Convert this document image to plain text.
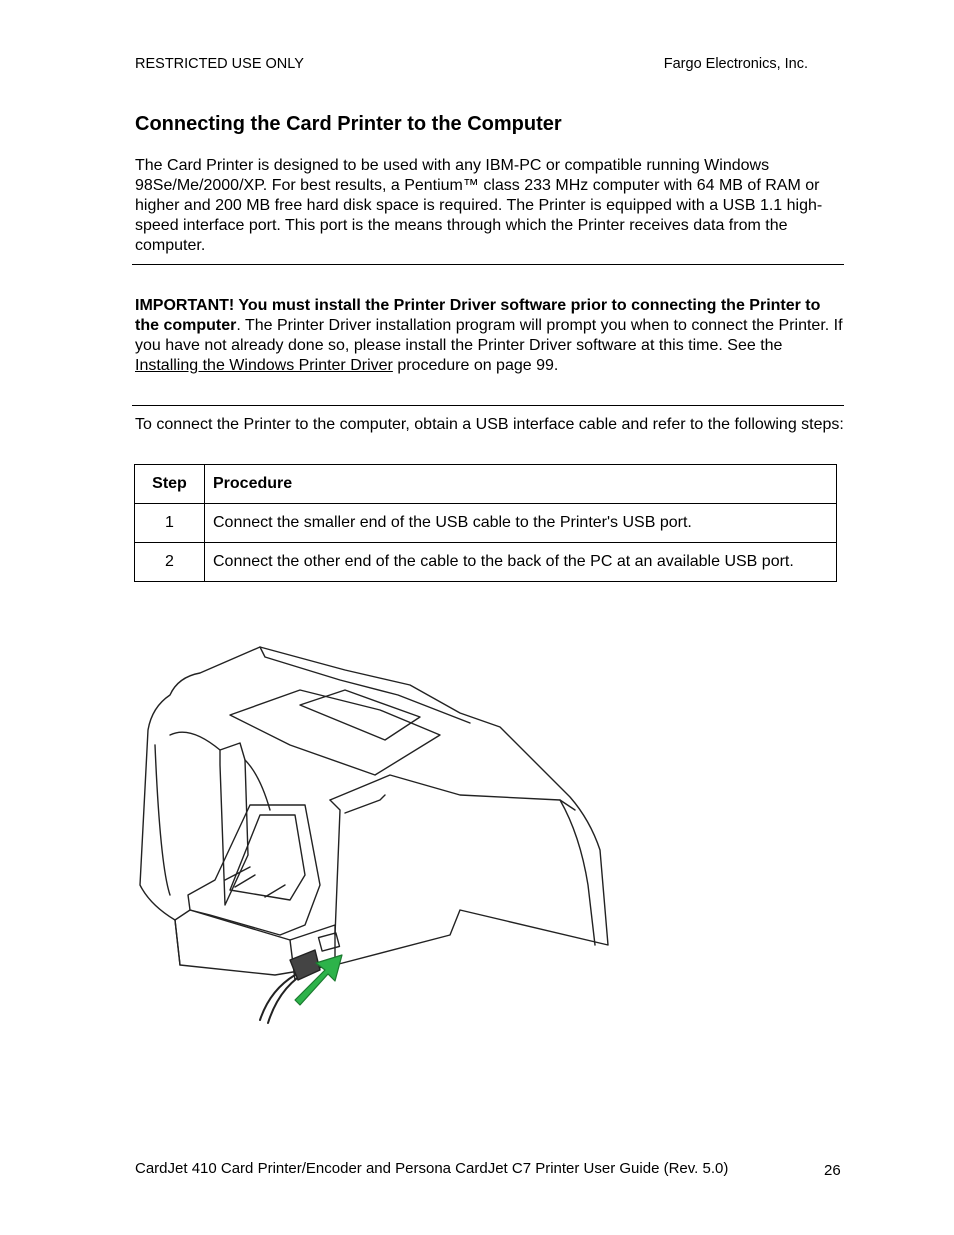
RESTRICTED USE ONLY	Fargo Electronics, Inc.
Connecting the Card Printer to the Computer
The Card Printer is designed to be used with any IBM-PC or compatible running Windows 98Se/Me/2000/XP. For best results, a Pentium™ class 233 MHz computer with 64 MB of RAM or higher and 200 MB free hard disk space is required. The Printer is equipped with a USB 1.1 high-speed interface port. This port is the means through which the Printer receives data from the computer.
IMPORTANT! You must install the Printer Driver software prior to connecting the Printer to the computer. The Printer Driver installation program will prompt you when to connect the Printer. If you have not already done so, please install the Printer Driver software at this time. See the Installing the Windows Printer Driver procedure on page 99.
To connect the Printer to the computer, obtain a USB interface cable and refer to the following steps:
Step	Procedure
1	Connect the smaller end of the USB cable to the Printer's USB port.
2	Connect the other end of the cable to the back of the PC at an available USB port.
CardJet 410 Card Printer/Encoder and Persona CardJet C7 Printer User Guide (Rev. 5.0)	26
